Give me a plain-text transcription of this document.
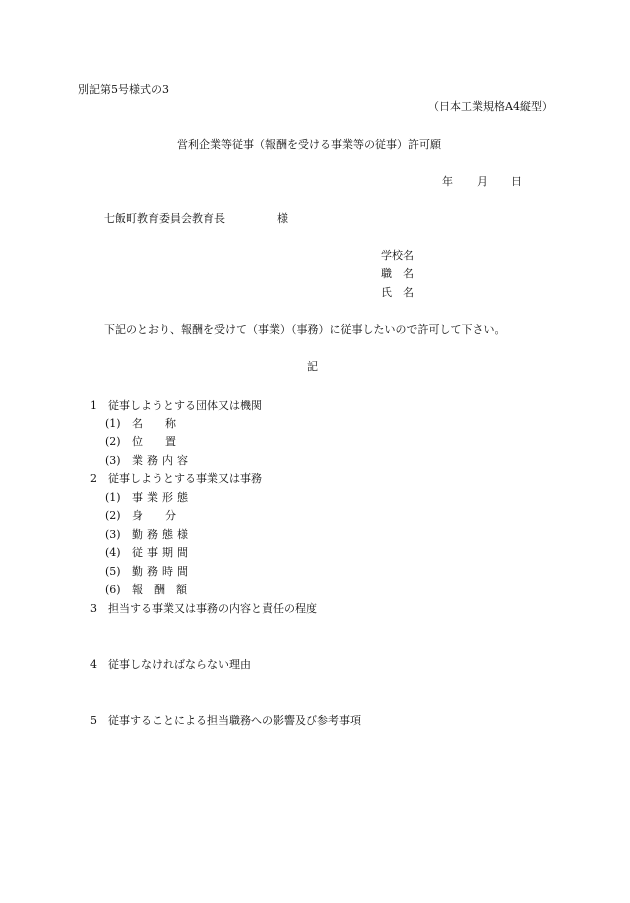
別記第5号様式の3
（日本工業規格A4縦型）
営利企業等従事（報酬を受ける事業等の従事）許可願
年 月 日
七飯町教育委員会教育長	様
学校名
職　名
氏　名
下記のとおり、報酬を受けて（事業）（事務）に従事したいので許可して下さい。
記
1 従事しようとする団体又は機関
(1) 名　　称
(2) 位　　置
(3) 業務内容
2 従事しようとする事業又は事務
(1) 事業形態
(2) 身　　分
(3) 勤務態様
(4) 従事期間
(5) 勤務時間
(6) 報　酬　額
3 担当する事業又は事務の内容と責任の程度
4 従事しなければならない理由
5 従事することによる担当職務への影響及び参考事項
